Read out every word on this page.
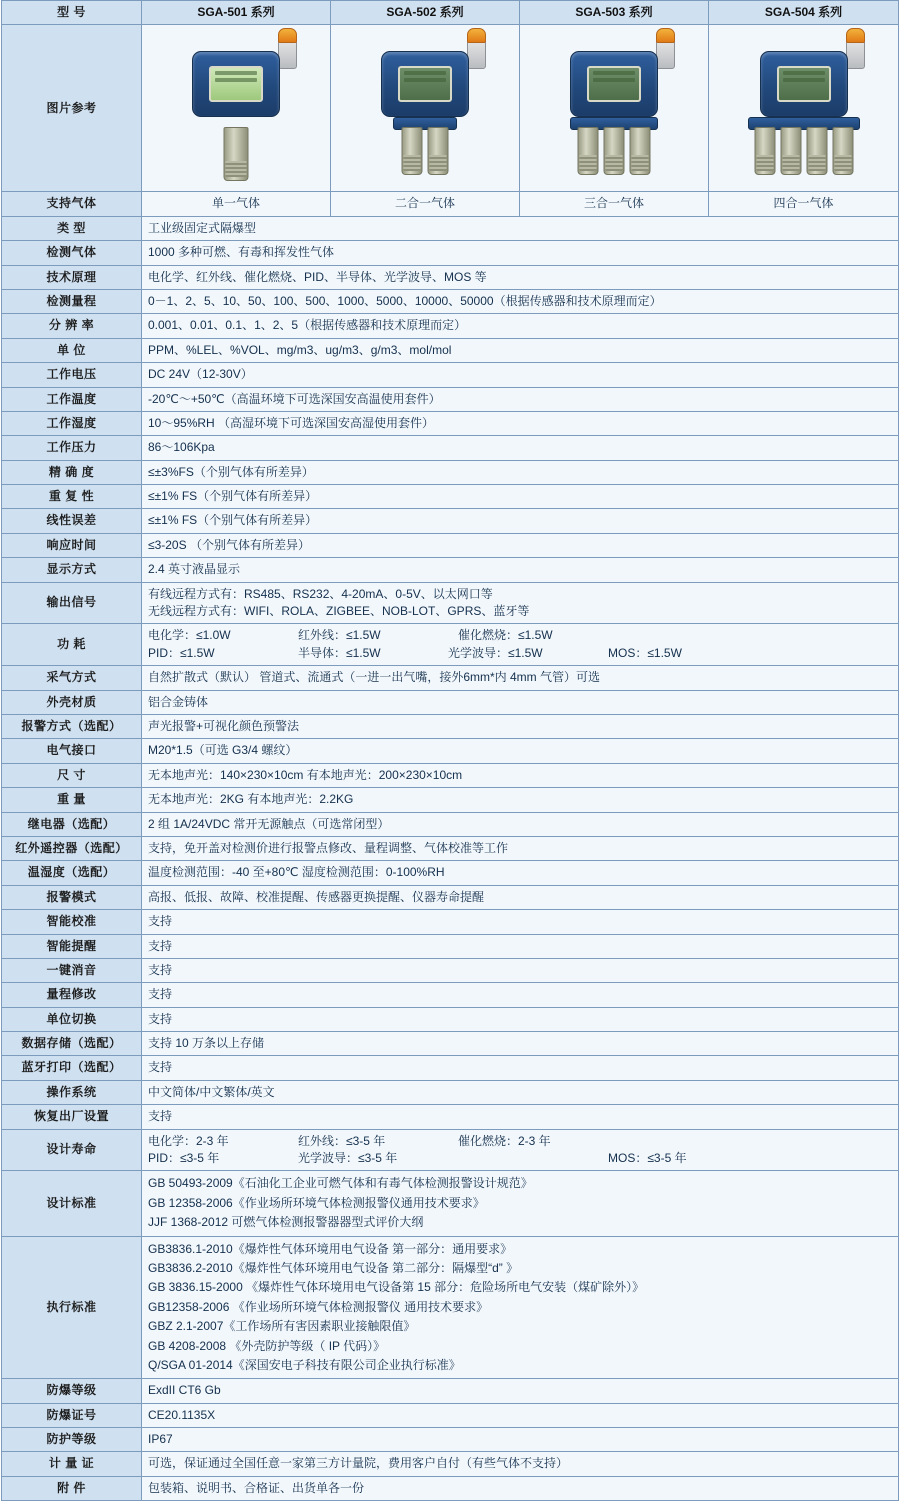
型 号	SGA-501 系列	SGA-502 系列	SGA-503 系列	SGA-504 系列
图片参考	

支持气体	单一气体	二合一气体	三合一气体	四合一气体
类 型	工业级固定式隔爆型			
检测气体	1000 多种可燃、有毒和挥发性气体			
技术原理	电化学、红外线、催化燃烧、PID、半导体、光学波导、MOS 等			
检测量程	0－1、2、5、10、50、100、500、1000、5000、10000、50000（根据传感器和技术原理而定）			
分 辨 率	0.001、0.01、0.1、1、2、5（根据传感器和技术原理而定）			
单 位	PPM、%LEL、%VOL、mg/m3、ug/m3、g/m3、mol/mol			
工作电压	DC 24V（12-30V）			
工作温度	-20℃～+50℃（高温环境下可选深国安高温使用套件）			
工作湿度	10～95%RH （高湿环境下可选深国安高湿使用套件）			
工作压力	86～106Kpa			
精 确 度	≤±3%FS（个别气体有所差异）			
重 复 性	≤±1% FS（个别气体有所差异）			
线性误差	≤±1% FS（个别气体有所差异）			
响应时间	≤3-20S （个别气体有所差异）			
显示方式	2.4 英寸液晶显示			
输出信号	有线远程方式有：RS485、RS232、4-20mA、0-5V、以太网口等
无线远程方式有：WIFI、ROLA、ZIGBEE、NOB-LOT、GPRS、蓝牙等			

功 耗	
电化学：≤1.0W	红外线：≤1.5W	催化燃烧：≤1.5W
PID：≤1.5W	半导体：≤1.5W	光学波导：≤1.5W	MOS：≤1.5W

采气方式	自然扩散式（默认） 管道式、流通式（一进一出气嘴，接外6mm*内 4mm 气管）可选			
外壳材质	铝合金铸体			
报警方式（选配）	声光报警+可视化颜色预警法			
电气接口	M20*1.5（可选 G3/4 螺纹）			
尺 寸	无本地声光：140×230×10cm 有本地声光：200×230×10cm			
重 量	无本地声光：2KG 有本地声光：2.2KG			
继电器（选配）	2 组 1A/24VDC 常开无源触点（可选常闭型）			
红外遥控器（选配）	支持，免开盖对检测价进行报警点修改、量程调整、气体校准等工作			
温湿度（选配）	温度检测范围：-40 至+80℃ 湿度检测范围：0-100%RH			
报警模式	高报、低报、故障、校准提醒、传感器更换提醒、仪器寿命提醒			
智能校准	支持			
智能提醒	支持			
一键消音	支持			
量程修改	支持			
单位切换	支持			
数据存储（选配）	支持 10 万条以上存储			
蓝牙打印（选配）	支持			
操作系统	中文简体/中文繁体/英文			
恢复出厂设置	支持			
设计寿命	
电化学：2-3 年	红外线：≤3-5 年	催化燃烧：2-3 年
PID：≤3-5 年	光学波导：≤3-5 年	MOS：≤3-5 年

设计标准	GB 50493-2009《石油化工企业可燃气体和有毒气体检测报警设计规范》
GB 12358-2006《作业场所环境气体检测报警仪通用技术要求》
JJF 1368-2012 可燃气体检测报警器器型式评价大纲			

执行标准	
GB3836.1-2010《爆炸性气体环境用电气设备 第一部分：通用要求》
GB3836.2-2010《爆炸性气体环境用电气设备 第二部分：隔爆型“d” 》
GB 3836.15-2000 《爆炸性气体环境用电气设备第 15 部分：危险场所电气安装（煤矿除外）》
GB12358-2006 《作业场所环境气体检测报警仪 通用技术要求》
GBZ 2.1-2007《工作场所有害因素职业接触限值》
GB 4208-2008 《外壳防护等级（ IP 代码）》
Q/SGA 01-2014《深国安电子科技有限公司企业执行标准》

防爆等级	ExdII CT6 Gb			
防爆证号	CE20.1135X			
防护等级	IP67			
计 量 证	可选，保证通过全国任意一家第三方计量院，费用客户自付（有些气体不支持）			
附 件	包装箱、说明书、合格证、出货单各一份			
